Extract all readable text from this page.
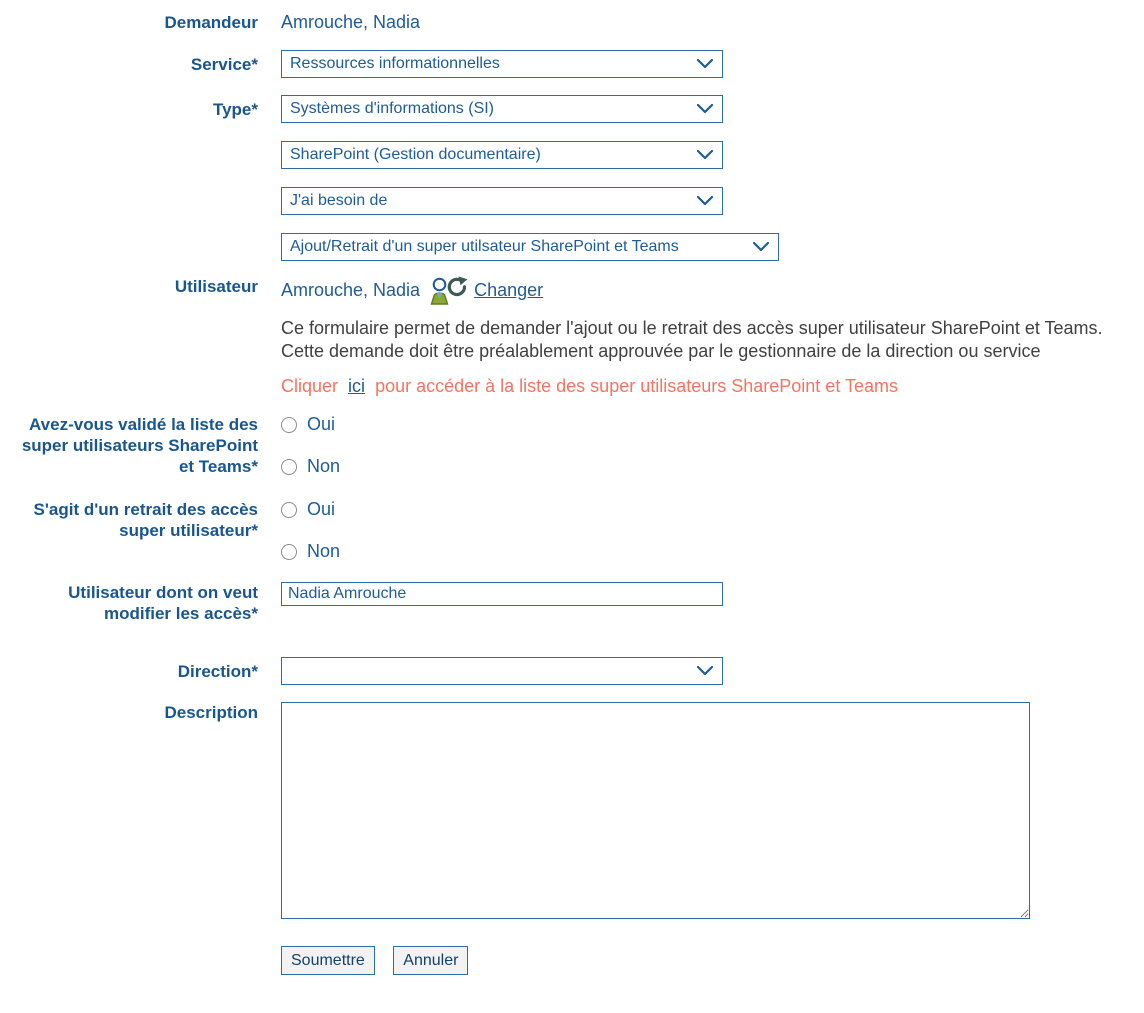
Demandeur Amrouche, Nadia
Service* Ressources informationnelles
Type* Systèmes d'informations (SI)
SharePoint (Gestion documentaire)
J'ai besoin de
Ajout/Retrait d'un super utilsateur SharePoint et Teams
Utilisateur Amrouche, Nadia	Changer
Ce formulaire permet de demander l'ajout ou le retrait des accès super utilisateur SharePoint et Teams.
Cette demande doit être préalablement approuvée par le gestionnaire de la direction ou service
Cliquer ici pour accéder à la liste des super utilisateurs SharePoint et Teams
Avez-vous validé la liste des
super utilisateurs SharePoint
et Teams*
Oui
Non
S'agit d'un retrait des accès
super utilisateur*
Oui
Non
Utilisateur dont on veut
modifier les accès*
Nadia Amrouche
Direction*
Description
Soumettre Annuler
